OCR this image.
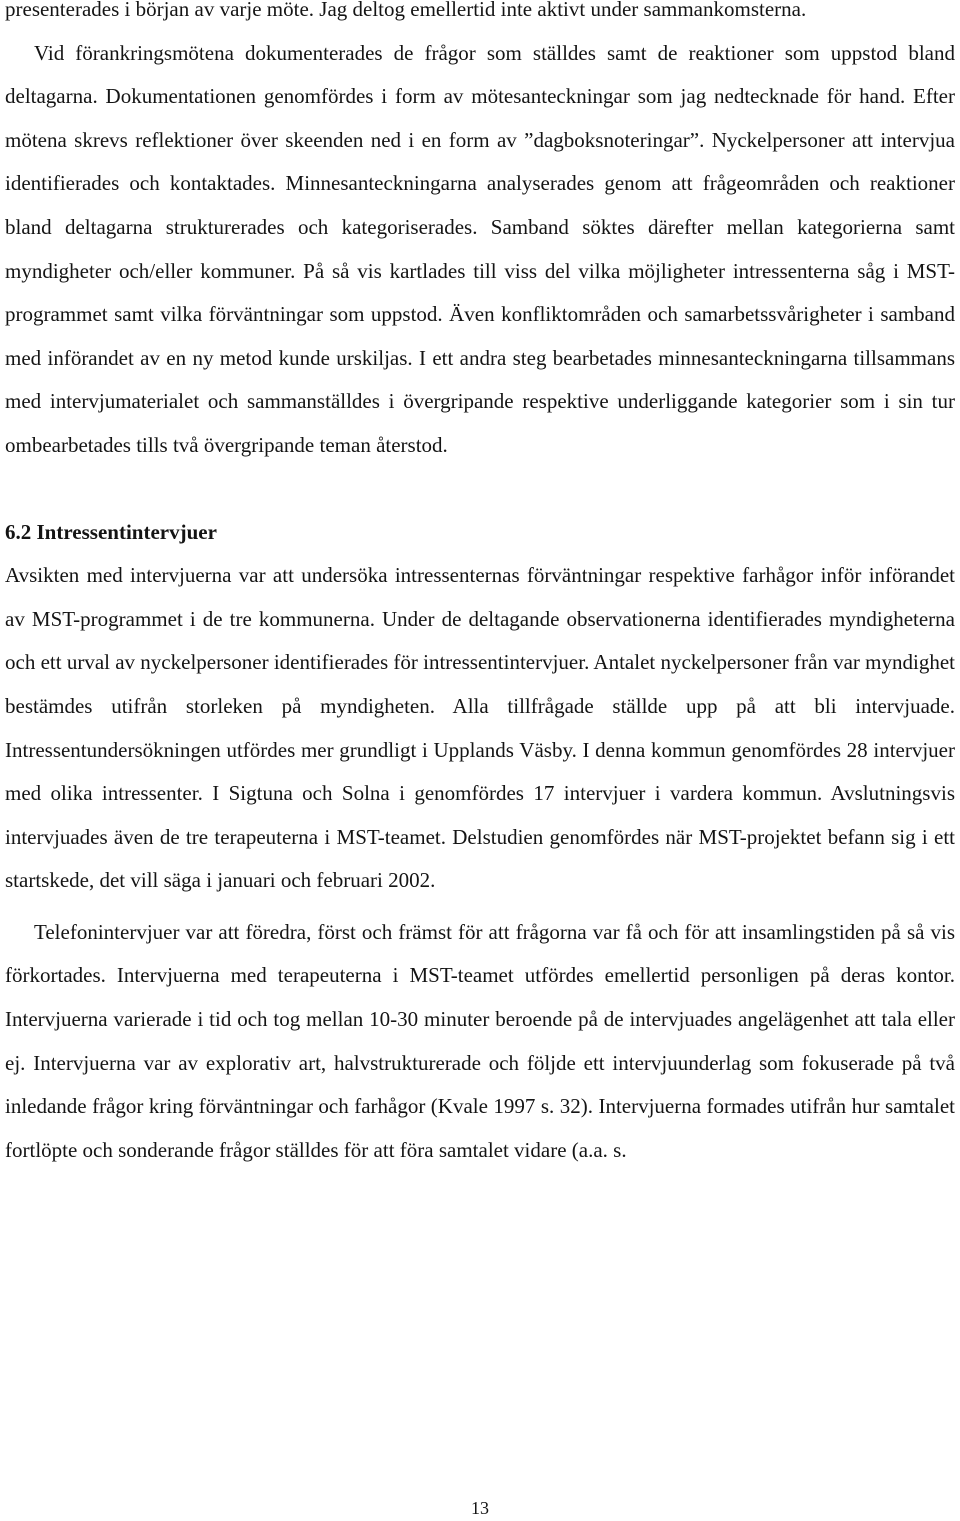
presenterades i början av varje möte. Jag deltog emellertid inte aktivt under sammankomsterna.

Vid förankringsmötena dokumenterades de frågor som ställdes samt de reaktioner som uppstod bland deltagarna. Dokumentationen genomfördes i form av mötesanteckningar som jag nedtecknade för hand. Efter mötena skrevs reflektioner över skeenden ned i en form av ”dagboksnoteringar”. Nyckelpersoner att intervjua identifierades och kontaktades. Minnesanteckningarna analyserades genom att frågeområden och reaktioner bland deltagarna strukturerades och kategoriserades. Samband söktes därefter mellan kategorierna samt myndigheter och/eller kommuner. På så vis kartlades till viss del vilka möjligheter intressenterna såg i MST-programmet samt vilka förväntningar som uppstod. Även konfliktområden och samarbetssvårigheter i samband med införandet av en ny metod kunde urskiljas. I ett andra steg bearbetades minnesanteckningarna tillsammans med intervjumaterialet och sammanställdes i övergripande respektive underliggande kategorier som i sin tur ombearbetades tills två övergripande teman återstod.

6.2 Intressentintervjuer

Avsikten med intervjuerna var att undersöka intressenternas förväntningar respektive farhågor inför införandet av MST-programmet i de tre kommunerna. Under de deltagande observationerna identifierades myndigheterna och ett urval av nyckelpersoner identifierades för intressentintervjuer. Antalet nyckelpersoner från var myndighet bestämdes utifrån storleken på myndigheten. Alla tillfrågade ställde upp på att bli intervjuade. Intressentundersökningen utfördes mer grundligt i Upplands Väsby. I denna kommun genomfördes 28 intervjuer med olika intressenter. I Sigtuna och Solna i genomfördes 17 intervjuer i vardera kommun. Avslutningsvis intervjuades även de tre terapeuterna i MST-teamet. Delstudien genomfördes när MST-projektet befann sig i ett startskede, det vill säga i januari och februari 2002.

Telefonintervjuer var att föredra, först och främst för att frågorna var få och för att insamlingstiden på så vis förkortades. Intervjuerna med terapeuterna i MST-teamet utfördes emellertid personligen på deras kontor. Intervjuerna varierade i tid och tog mellan 10-30 minuter beroende på de intervjuades angelägenhet att tala eller ej. Intervjuerna var av explorativ art, halvstrukturerade och följde ett intervjuunderlag som fokuserade på två inledande frågor kring förväntningar och farhågor (Kvale 1997 s. 32). Intervjuerna formades utifrån hur samtalet fortlöpte och sonderande frågor ställdes för att föra samtalet vidare (a.a. s.

13
